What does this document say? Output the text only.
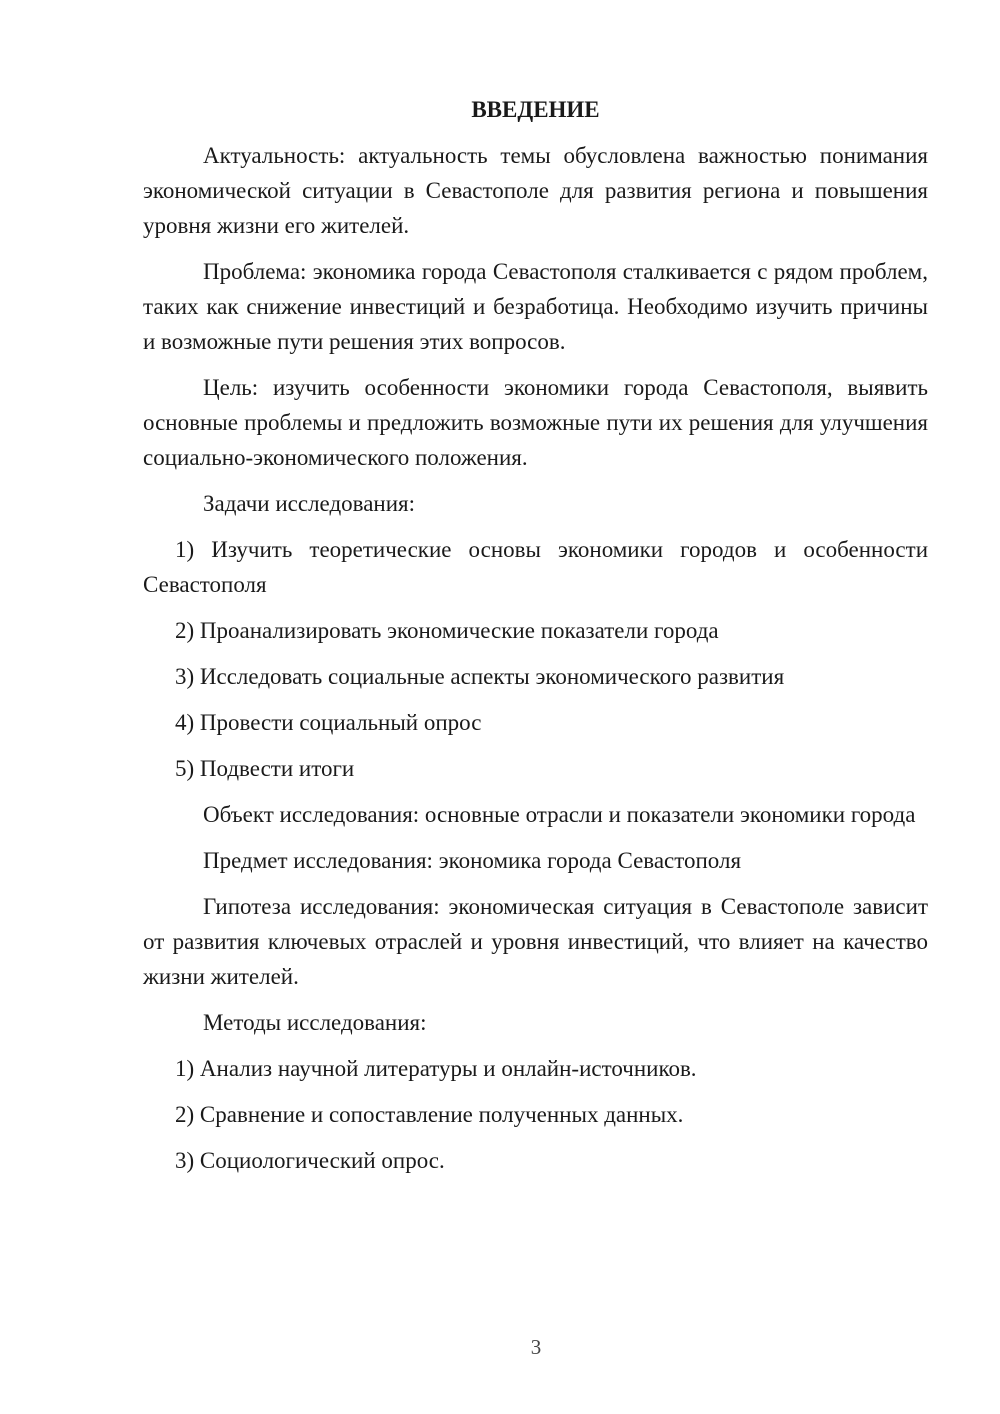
ВВЕДЕНИЕ

Актуальность: актуальность темы обусловлена важностью понимания экономической ситуации в Севастополе для развития региона и повышения уровня жизни его жителей.

Проблема: экономика города Севастополя сталкивается с рядом проблем, таких как снижение инвестиций и безработица. Необходимо изучить причины и возможные пути решения этих вопросов.

Цель: изучить особенности экономики города Севастополя, выявить основные проблемы и предложить возможные пути их решения для улучшения социально-экономического положения.

Задачи исследования:

1) Изучить теоретические основы экономики городов и особенности Севастополя

2) Проанализировать экономические показатели города

3) Исследовать социальные аспекты экономического развития

4) Провести социальный опрос

5) Подвести итоги

Объект исследования: основные отрасли и показатели экономики города

Предмет исследования: экономика города Севастополя

Гипотеза исследования: экономическая ситуация в Севастополе зависит от развития ключевых отраслей и уровня инвестиций, что влияет на качество жизни жителей.

Методы исследования:

1) Анализ научной литературы и онлайн-источников.

2) Сравнение и сопоставление полученных данных.

3) Социологический опрос.

3
